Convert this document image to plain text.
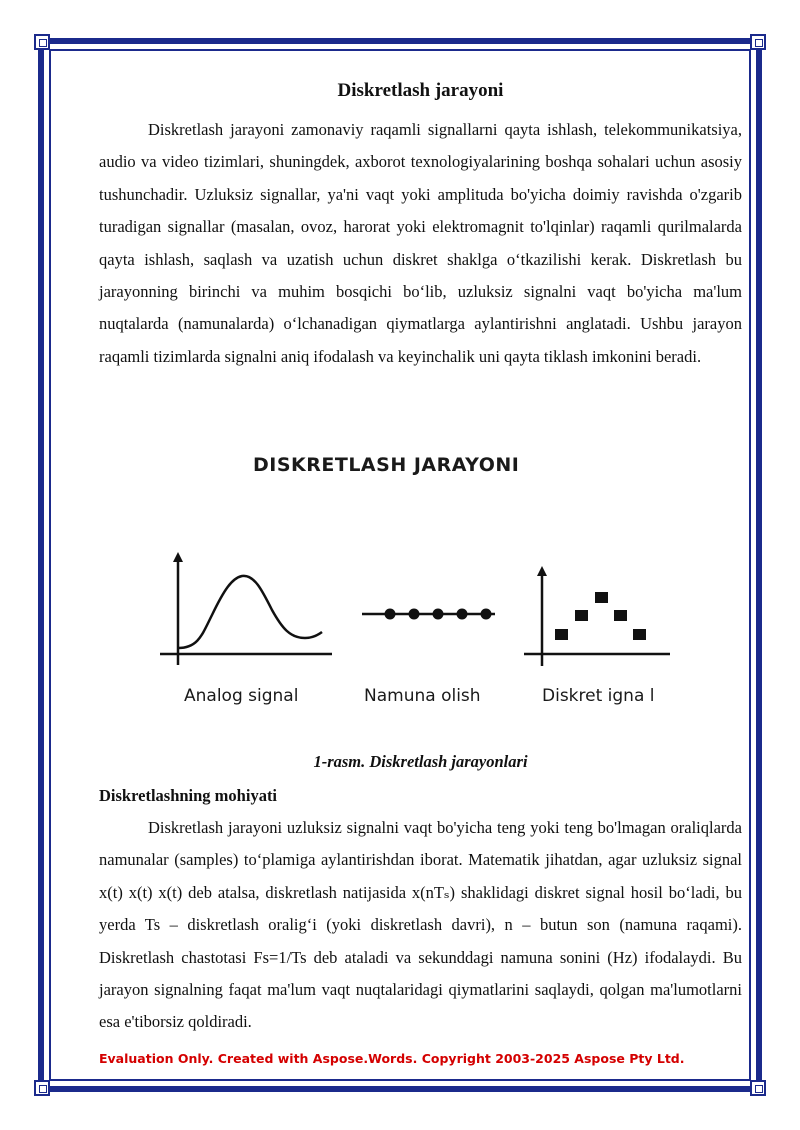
Diskretlash jarayoni

Diskretlash jarayoni zamonaviy raqamli signallarni qayta ishlash, telekommunikatsiya, audio va video tizimlari, shuningdek, axborot texnologiyalarining boshqa sohalari uchun asosiy tushunchadir. Uzluksiz signallar, ya'ni vaqt yoki amplituda bo'yicha doimiy ravishda o'zgarib turadigan signallar (masalan, ovoz, harorat yoki elektromagnit to'lqinlar) raqamli qurilmalarda qayta ishlash, saqlash va uzatish uchun diskret shaklga o‘tkazilishi kerak. Diskretlash bu jarayonning birinchi va muhim bosqichi bo‘lib, uzluksiz signalni vaqt bo'yicha ma'lum nuqtalarda (namunalarda) o‘lchanadigan qiymatlarga aylantirishni anglatadi. Ushbu jarayon raqamli tizimlarda signalni aniq ifodalash va keyinchalik uni qayta tiklash imkonini beradi.

DISKRETLASH JARAYONI
Analog signal	Namuna olish	Diskret igna l
1-rasm. Diskretlash jarayonlari
Diskretlashning mohiyati

Diskretlash jarayoni uzluksiz signalni vaqt bo'yicha teng yoki teng bo'lmagan oraliqlarda namunalar (samples) to‘plamiga aylantirishdan iborat. Matematik jihatdan, agar uzluksiz signal x(t) x(t) x(t) deb atalsa, diskretlash natijasida x(nTₛ) shaklidagi diskret signal hosil bo‘ladi, bu yerda Ts – diskretlash oralig‘i (yoki diskretlash davri), n – butun son (namuna raqami). Diskretlash chastotasi Fs=1/Ts deb ataladi va sekunddagi namuna sonini (Hz) ifodalaydi. Bu jarayon signalning faqat ma'lum vaqt nuqtalaridagi qiymatlarini saqlaydi, qolgan ma'lumotlarni esa e'tiborsiz qoldiradi.

Evaluation Only. Created with Aspose.Words. Copyright 2003-2025 Aspose Pty Ltd.
